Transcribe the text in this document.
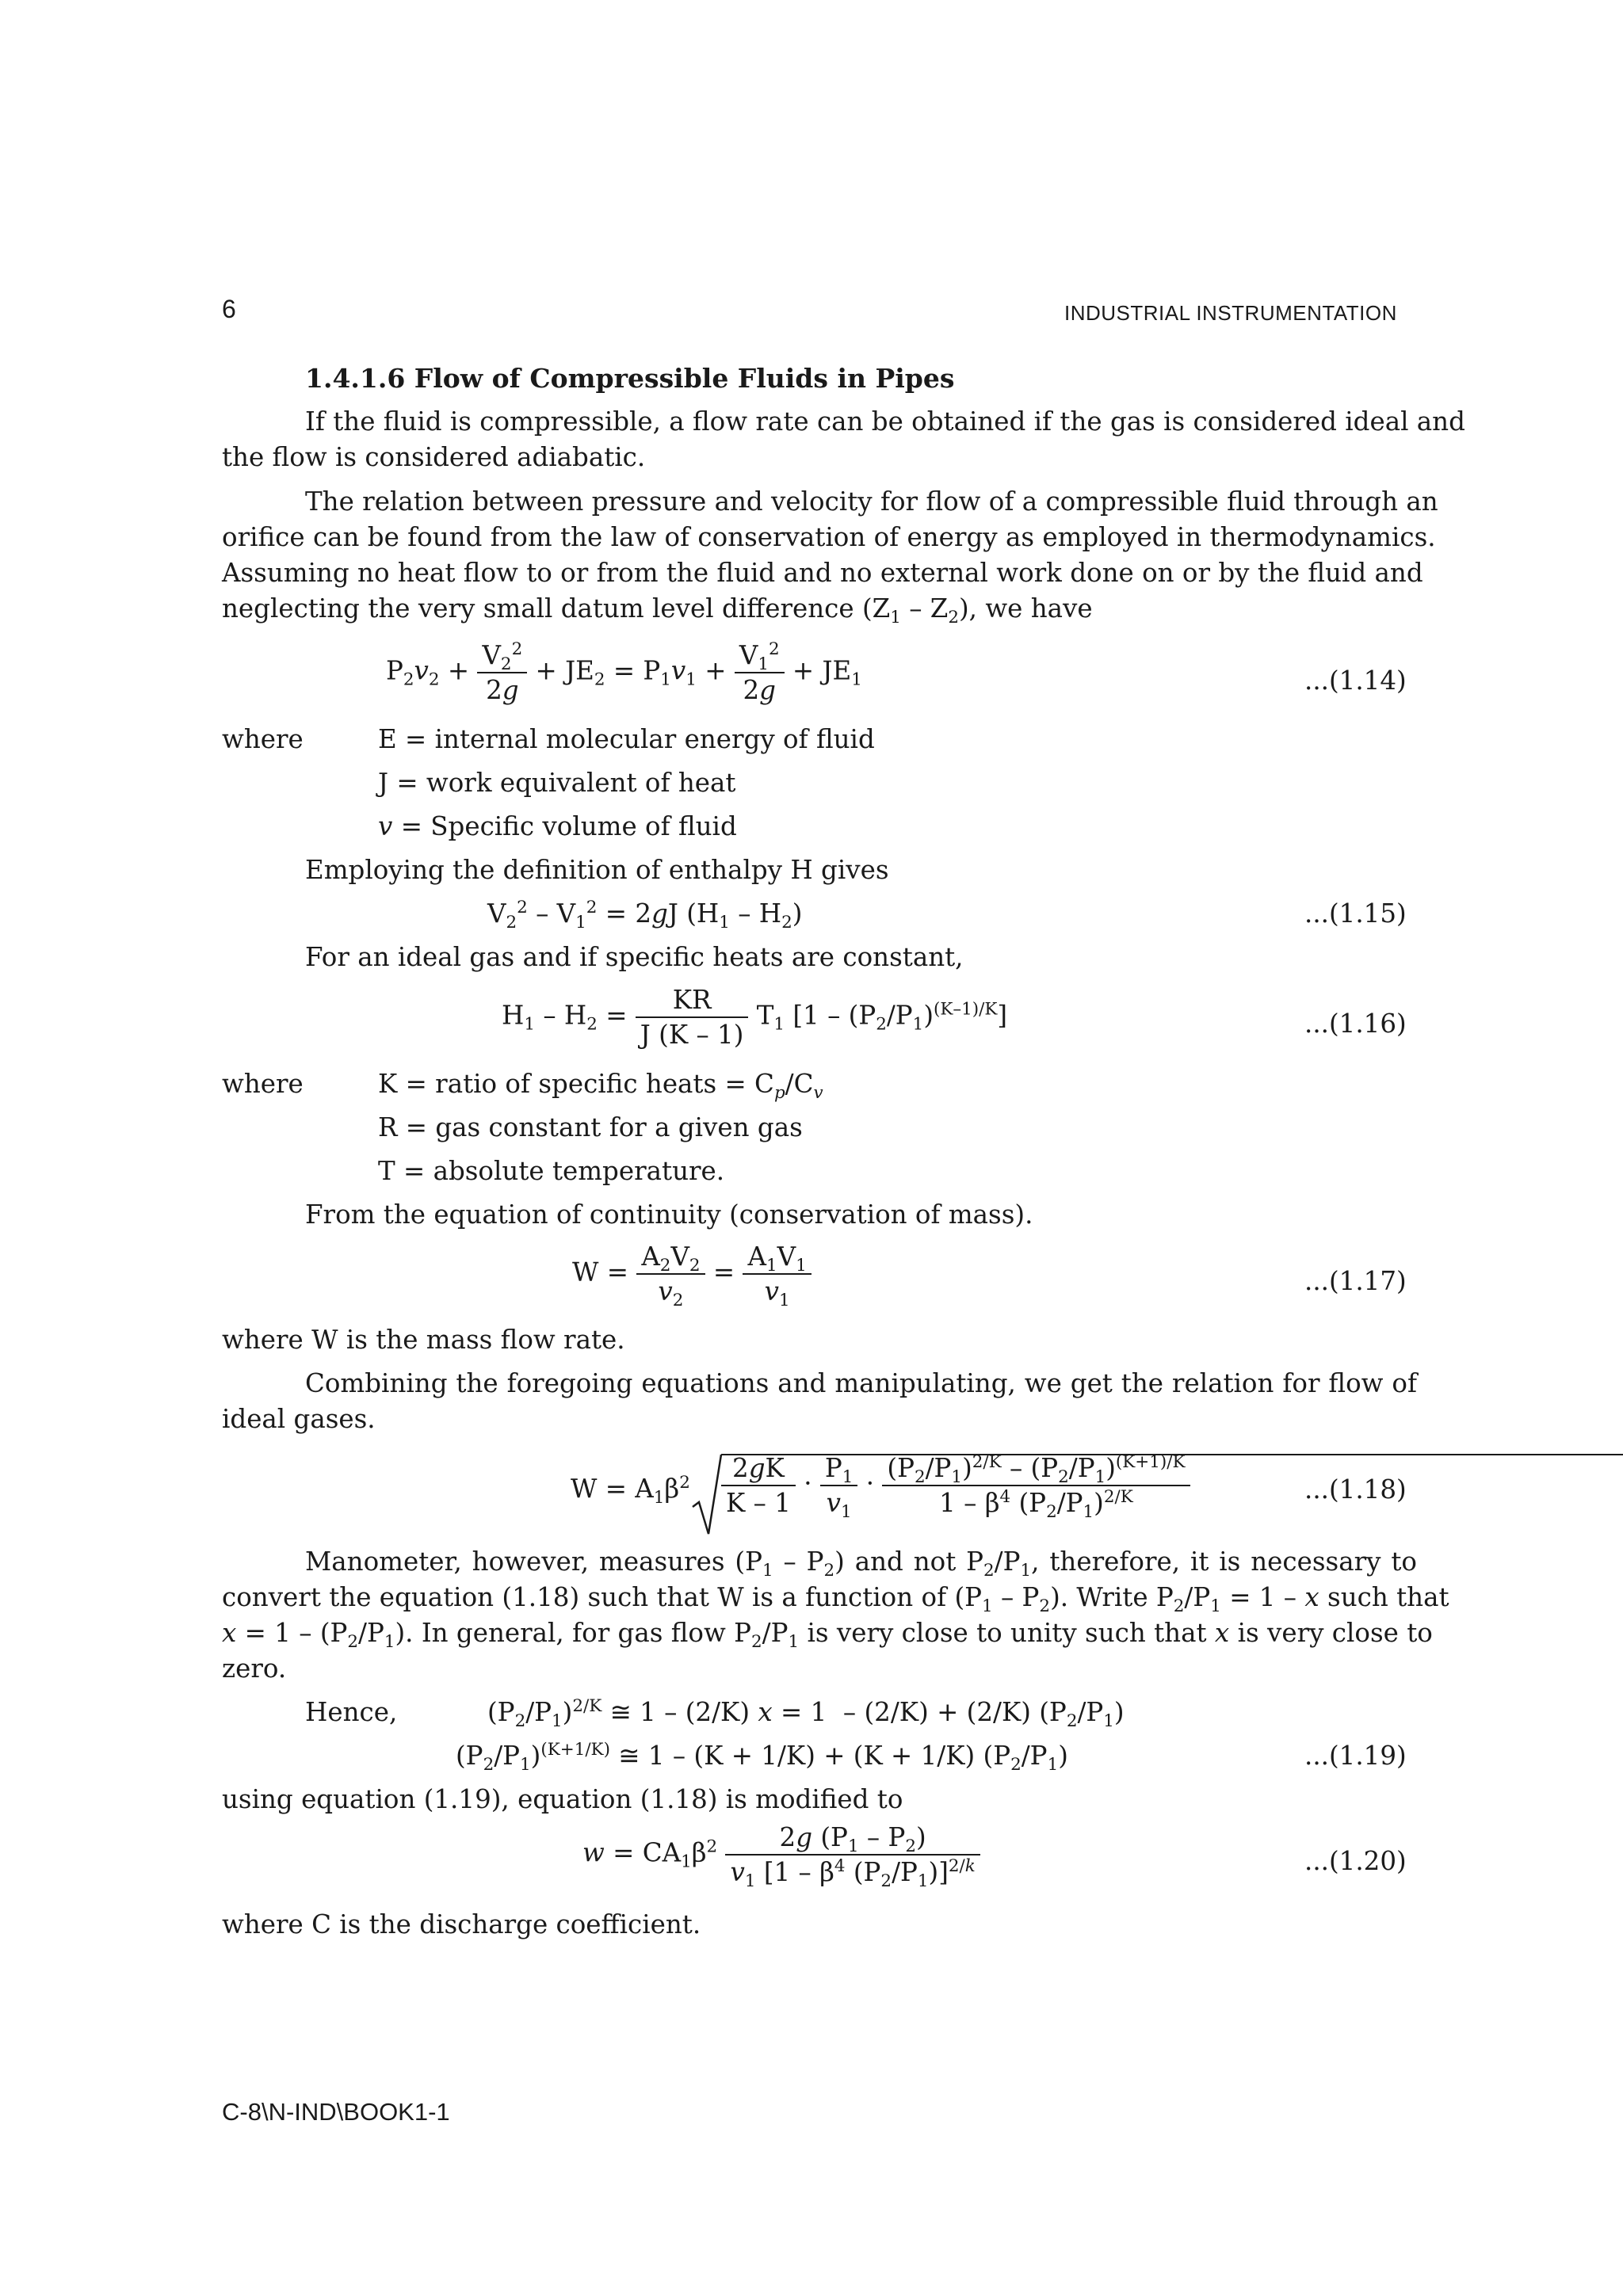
6	INDUSTRIAL INSTRUMENTATION
1.4.1.6 Flow of Compressible Fluids in Pipes
If the fluid is compressible, a flow rate can be obtained if the gas is considered ideal and
the flow is considered adiabatic.
The relation between pressure and velocity for flow of a compressible fluid through an
orifice can be found from the law of conservation of energy as employed in thermodynamics.
Assuming no heat flow to or from the fluid and no external work done on or by the fluid and
neglecting the very small datum level difference $(Z_1 - Z_2)$, we have
$P_2v_2 + \frac{V_2^2}{2g} + JE_2 = P_1v_1 + \frac{V_1^2}{2g} + JE_1$	...(1.14)
where	E = internal molecular energy of fluid
J = work equivalent of heat
v = Specific volume of fluid
Employing the definition of enthalpy H gives
$V_2^2 - V_1^2 = 2gJ$ $(H_1 - H_2)$	...(1.15)
For an ideal gas and if specific heats are constant,
$H_1 - H_2 = \frac{KR}{J (K - 1)} T_1$ $[1 - (P_2/P_1)^{(K-1)/K}]$	...(1.16)
where	K = ratio of specific heats = $C_p/C_v$
R = gas constant for a given gas
T = absolute temperature.
From the equation of continuity (conservation of mass).
$W = \frac{A_2V_2}{v_2} = \frac{A_1V_1}{v_1}$	...(1.17)
where W is the mass flow rate.
Combining the foregoing equations and manipulating, we get the relation for flow of
ideal gases.
$W = A_1\beta^2 \frac{2gK}{K - 1} \cdot \frac{P_1}{v_1} \cdot \frac{(P_2/P_1)^{2/K} - (P_2/P_1)^{(K+1)/K}}{1 - \beta^4 (P_2/P_1)^{2/K}}$	...(1.18)
Manometer, however, measures $(P_1 - P_2)$ and not $P_2/P_1$, therefore, it is necessary to
convert the equation (1.18) such that W is a function of $(P_1 - P_2)$. Write $P_2/P_1 = 1 - x$ such that
$x = 1 - (P_2/P_1)$. In general, for gas flow $P_2/P_1$ is very close to unity such that x is very close to
zero.
Hence,	$(P_2/P_1)^{2/K}$ ≅ 1 – (2/K) x = 1  – (2/K) + (2/K) $(P_2/P_1)$
$(P_2/P_1)^{(K+1/K)}$ ≅ 1 – (K + 1/K) + (K + 1/K) $(P_2/P_1)$	...(1.19)
using equation (1.19), equation (1.18) is modified to
$w = CA_1\beta^2 \frac{2g (P_1 - P_2)}{v_1 [1 - \beta^4 (P_2/P_1)]^{2/k}}$	...(1.20)
where C is the discharge coefficient.
C-8\N-IND\BOOK1-1
